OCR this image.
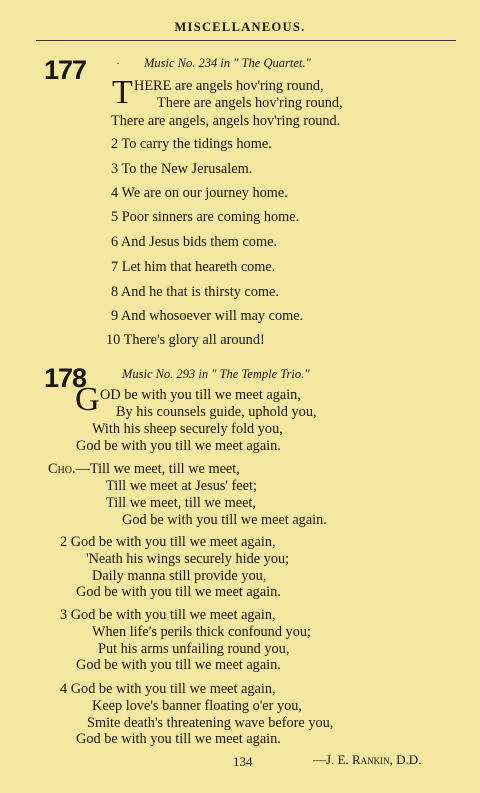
MISCELLANEOUS.
177 · Music No. 234 in " The Quartet."
T HERE are angels hov'ring round,
There are angels hov'ring round,
There are angels, angels hov'ring round.
2 To carry the tidings home.
3 To the New Jerusalem.
4 We are on our journey home.
5 Poor sinners are coming home.
6 And Jesus bids them come.
7 Let him that heareth come.
8 And he that is thirsty come.
9 And whosoever will may come.
10 There's glory all around!
178	Music No. 293 in " The Temple Trio."
G OD be with you till we meet again,
By his counsels guide, uphold you,
With his sheep securely fold you,
God be with you till we meet again.
Cho.—Till we meet, till we meet,
Till we meet at Jesus' feet;
Till we meet, till we meet,
God be with you till we meet again.
2 God be with you till we meet again,
'Neath his wings securely hide you;
Daily manna still provide you,
God be with you till we meet again.
3 God be with you till we meet again,
When life's perils thick confound you;
Put his arms unfailing round you,
God be with you till we meet again.
4 God be with you till we meet again,
Keep love's banner floating o'er you,
Smite death's threatening wave before you,
God be with you till we meet again.
134	—J. E. Rankin, D.D.
